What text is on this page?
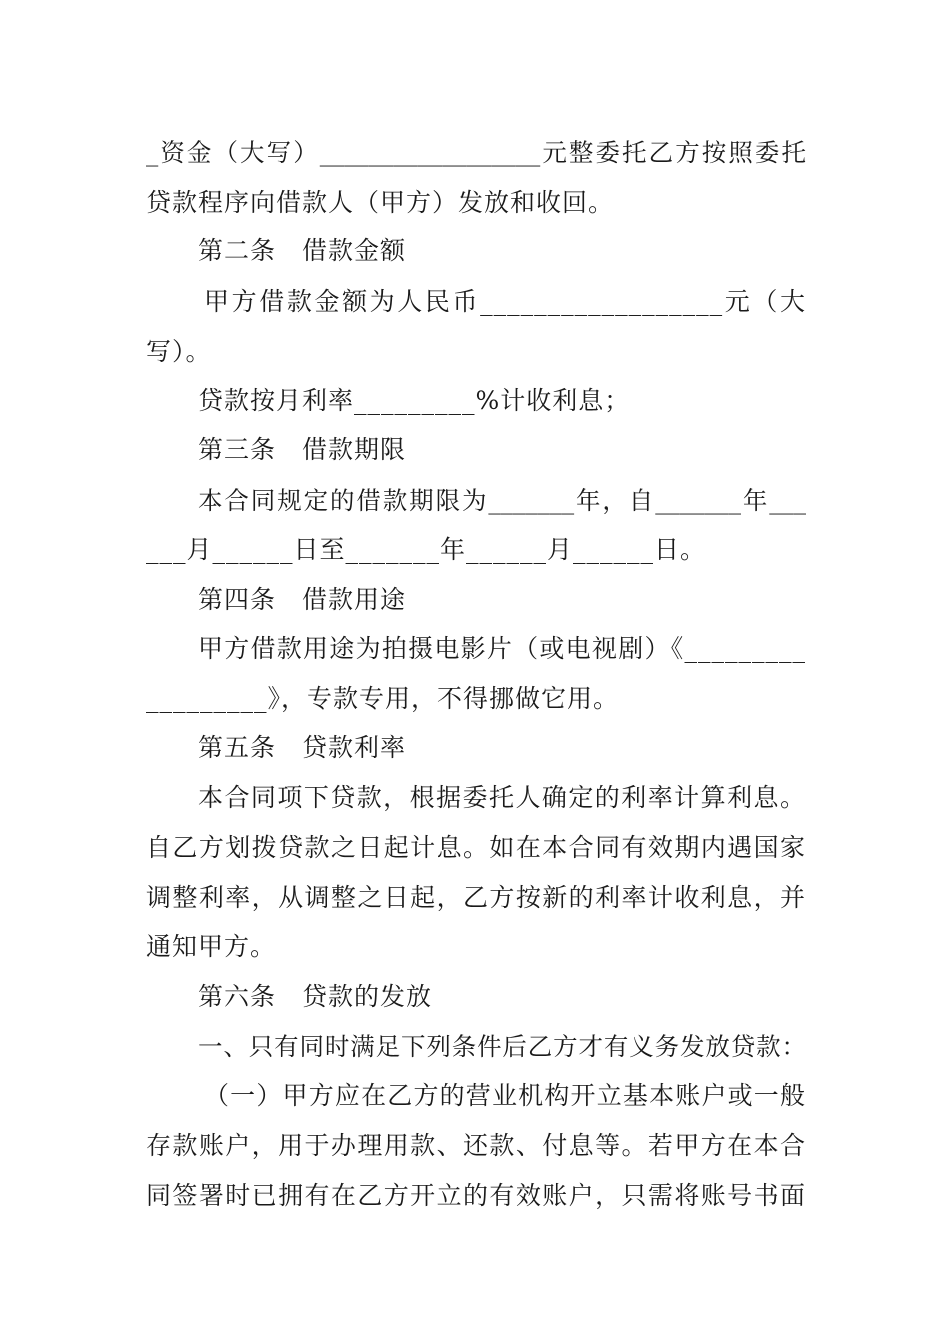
_资金（大写）__________________元整委托乙方按照委托
贷款程序向借款人（甲方）发放和收回。
第二条　借款金额
甲方借款金额为人民币__________________元（大
写）。
贷款按月利率_________%计收利息；
第三条　借款期限
本合同规定的借款期限为_______年，自_______年___
___月______日至_______年______月______日。
第四条　借款用途
甲方借款用途为拍摄电影片（或电视剧）《_________
_________》，专款专用，不得挪做它用。
第五条　贷款利率
本合同项下贷款，根据委托人确定的利率计算利息。
自乙方划拨贷款之日起计息。如在本合同有效期内遇国家
调整利率，从调整之日起，乙方按新的利率计收利息，并
通知甲方。
第六条　贷款的发放
一、只有同时满足下列条件后乙方才有义务发放贷款：
（一）甲方应在乙方的营业机构开立基本账户或一般
存款账户，用于办理用款、还款、付息等。若甲方在本合
同签署时已拥有在乙方开立的有效账户，只需将账号书面
